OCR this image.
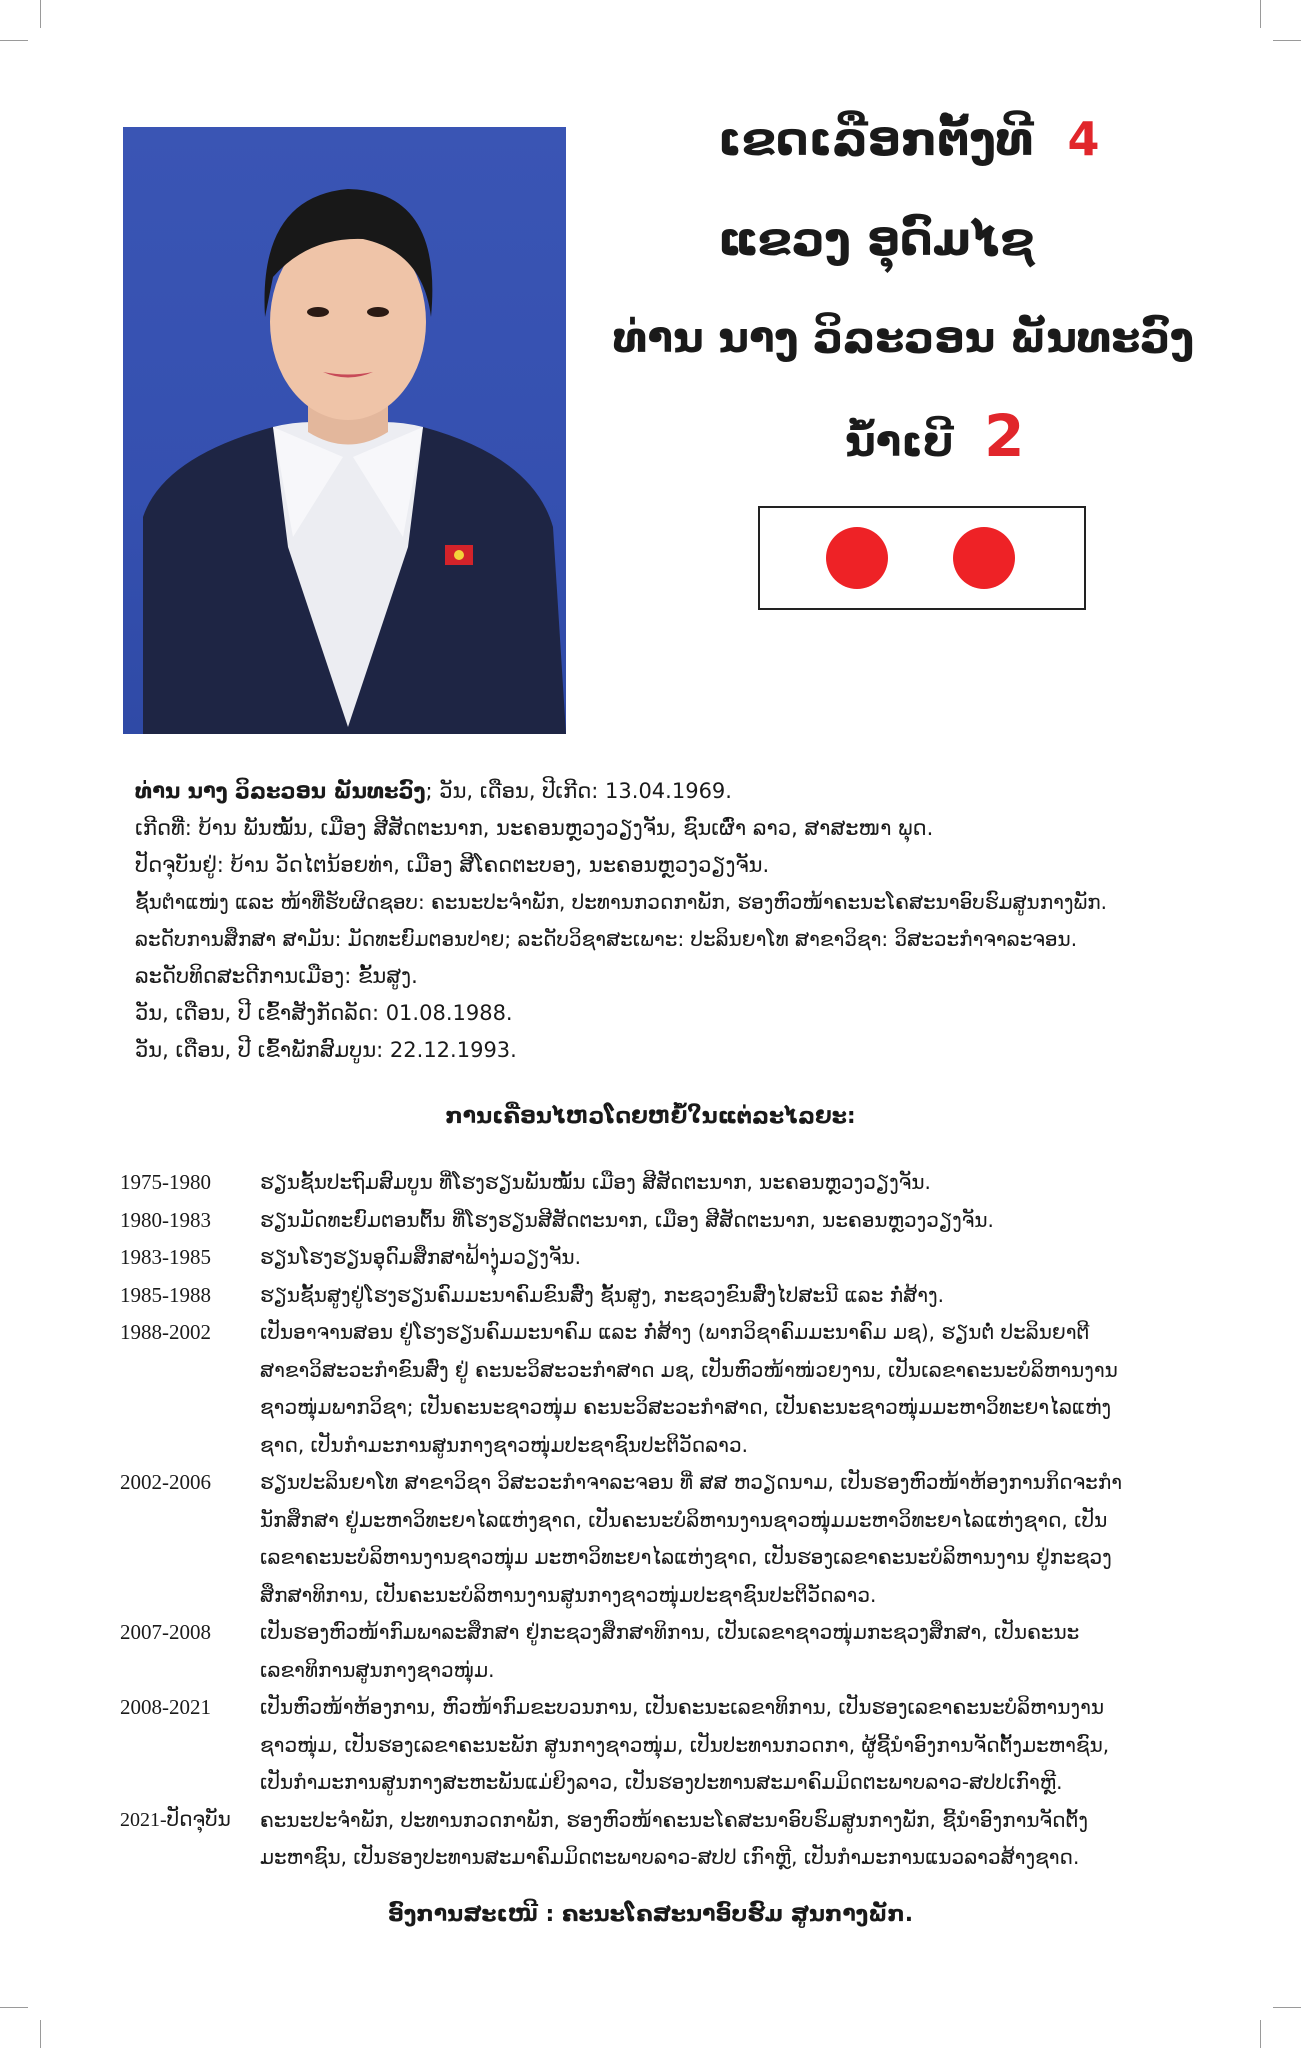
ເຂດເລືອກຕັ້ງທີ 4
ແຂວງ ອຸດົມໄຊ
ທ່ານ ນາງ ວິລະວອນ ພັນທະວົງ
ນໍ້າເບີ 2

ທ່ານ ນາງ ວິລະວອນ ພັນທະວົງ; ວັນ, ເດືອນ, ປີເກີດ: 13.04.1969.

ເກີດທີ່: ບ້ານ ພັນໝັ້ນ, ເມືອງ ສີສັດຕະນາກ, ນະຄອນຫຼວງວຽງຈັນ, ຊົນເຜົ່າ ລາວ, ສາສະໜາ ພຸດ.

ປັດຈຸບັນຢູ່: ບ້ານ ວັດໄຕນ້ອຍທ່າ, ເມືອງ ສີໂຄດຕະບອງ, ນະຄອນຫຼວງວຽງຈັນ.

ຊັ້ນຕໍາແໜ່ງ ແລະ ໜ້າທີ່ຮັບຜິດຊອບ: ຄະນະປະຈໍາພັກ, ປະທານກວດກາພັກ, ຮອງຫົວໜ້າຄະນະໂຄສະນາອົບຮົມສູນກາງພັກ.

ລະດັບການສຶກສາ ສາມັນ: ມັດທະຍົມຕອນປາຍ; ລະດັບວິຊາສະເພາະ: ປະລິນຍາໂທ ສາຂາວິຊາ: ວິສະວະກໍາຈາລະຈອນ.

ລະດັບທິດສະດີການເມືອງ: ຂັ້ນສູງ.

ວັນ, ເດືອນ, ປີ ເຂົ້າສັງກັດລັດ: 01.08.1988.

ວັນ, ເດືອນ, ປີ ເຂົ້າພັກສົມບູນ: 22.12.1993.

ການເຄື່ອນໄຫວໂດຍຫຍໍ້ໃນແຕ່ລະໄລຍະ:
1975-1980	ຮຽນຊັ້ນປະຖົມສົມບູນ ທີ່ໂຮງຮຽນພັນໝັ້ນ ເມືອງ ສີສັດຕະນາກ, ນະຄອນຫຼວງວຽງຈັນ.
1980-1983	ຮຽນມັດທະຍົມຕອນຕົ້ນ ທີ່ໂຮງຮຽນສີສັດຕະນາກ, ເມືອງ ສີສັດຕະນາກ, ນະຄອນຫຼວງວຽງຈັນ.
1983-1985	ຮຽນໂຮງຮຽນອຸດົມສຶກສາຟ້າງຸ່ມວຽງຈັນ.
1985-1988	ຮຽນຊັ້ນສູງຢູ່ໂຮງຮຽນຄົມມະນາຄົມຂົນສົ່ງ ຊັ້ນສູງ, ກະຊວງຂົນສົ່ງໄປສະນີ ແລະ ກໍ່ສ້າງ.
1988-2002	ເປັນອາຈານສອນ ຢູ່ໂຮງຮຽນຄົມມະນາຄົມ ແລະ ກໍ່ສ້າງ (ພາກວິຊາຄົມມະນາຄົມ ມຊ), ຮຽນຕໍ່ ປະລິນຍາຕີ
ສາຂາວິສະວະກໍາຂົນສົ່ງ ຢູ່ ຄະນະວິສະວະກໍາສາດ ມຊ, ເປັນຫົວໜ້າໜ່ວຍງານ, ເປັນເລຂາຄະນະບໍລິຫານງານ
ຊາວໜຸ່ມພາກວິຊາ; ເປັນຄະນະຊາວໜຸ່ມ ຄະນະວິສະວະກໍາສາດ, ເປັນຄະນະຊາວໜຸ່ມມະຫາວິທະຍາໄລແຫ່ງ
ຊາດ, ເປັນກໍາມະການສູນກາງຊາວໜຸ່ມປະຊາຊົນປະຕິວັດລາວ.
2002-2006	ຮຽນປະລິນຍາໂທ ສາຂາວິຊາ ວິສະວະກໍາຈາລະຈອນ ທີ່ ສສ ຫວຽດນາມ, ເປັນຮອງຫົວໜ້າຫ້ອງການກິດຈະກໍາ
ນັກສຶກສາ ຢູ່ມະຫາວິທະຍາໄລແຫ່ງຊາດ, ເປັນຄະນະບໍລິຫານງານຊາວໜຸ່ມມະຫາວິທະຍາໄລແຫ່ງຊາດ, ເປັນ
ເລຂາຄະນະບໍລິຫານງານຊາວໜຸ່ມ ມະຫາວິທະຍາໄລແຫ່ງຊາດ, ເປັນຮອງເລຂາຄະນະບໍລິຫານງານ ຢູ່ກະຊວງ
ສຶກສາທິການ, ເປັນຄະນະບໍລິຫານງານສູນກາງຊາວໜຸ່ມປະຊາຊົນປະຕິວັດລາວ.
2007-2008	ເປັນຮອງຫົວໜ້າກົມພາລະສຶກສາ ຢູ່ກະຊວງສຶກສາທິການ, ເປັນເລຂາຊາວໜຸ່ມກະຊວງສຶກສາ, ເປັນຄະນະ
ເລຂາທິການສູນກາງຊາວໜຸ່ມ.
2008-2021	ເປັນຫົວໜ້າຫ້ອງການ, ຫົວໜ້າກົມຂະບວນການ, ເປັນຄະນະເລຂາທິການ, ເປັນຮອງເລຂາຄະນະບໍລິຫານງານ
ຊາວໜຸ່ມ, ເປັນຮອງເລຂາຄະນະພັກ ສູນກາງຊາວໜຸ່ມ, ເປັນປະທານກວດກາ, ຜູ້ຊີ້ນໍາອົງການຈັດຕັ້ງມະຫາຊົນ,
ເປັນກໍາມະການສູນກາງສະຫະພັນແມ່ຍິງລາວ, ເປັນຮອງປະທານສະມາຄົມມິດຕະພາບລາວ-ສປປເກົາຫຼີ.
2021-ປັດຈຸບັນ	ຄະນະປະຈໍາພັກ, ປະທານກວດກາພັກ, ຮອງຫົວໜ້າຄະນະໂຄສະນາອົບຮົມສູນກາງພັກ, ຊີ້ນໍາອົງການຈັດຕັ້ງ
ມະຫາຊົນ, ເປັນຮອງປະທານສະມາຄົມມິດຕະພາບລາວ-ສປປ ເກົາຫຼີ, ເປັນກໍາມະການແນວລາວສ້າງຊາດ.
ອົງການສະເໜີ : ຄະນະໂຄສະນາອົບຮົມ ສູນກາງພັກ.
